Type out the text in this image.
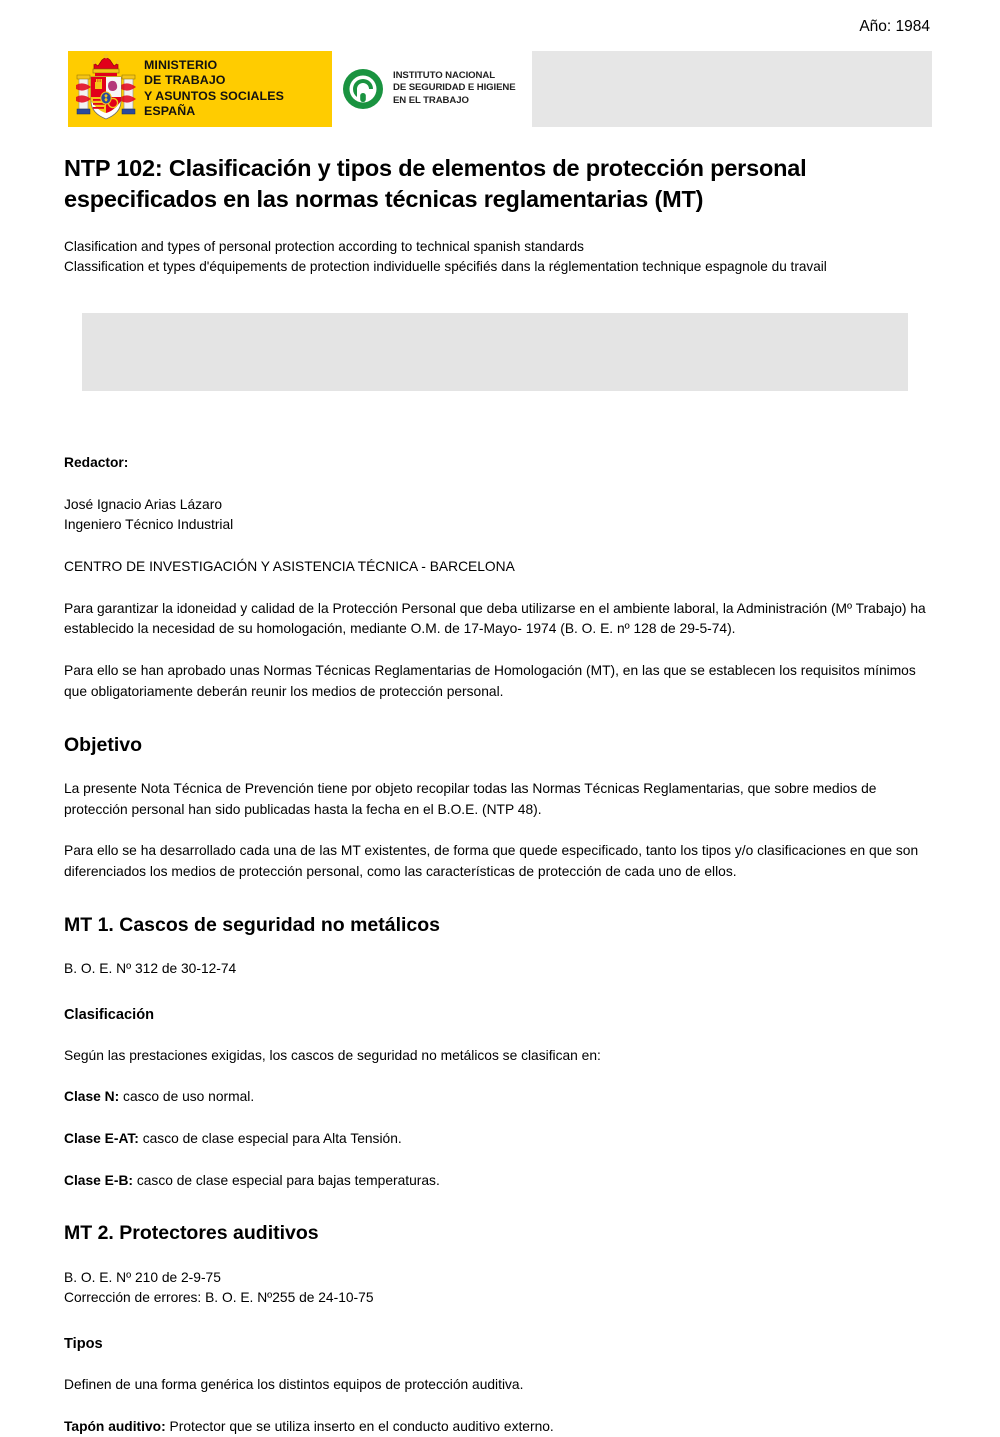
Año: 1984
MINISTERIO
DE TRABAJO
Y ASUNTOS SOCIALES
ESPAÑA
INSTITUTO NACIONAL
DE SEGURIDAD E HIGIENE
EN EL TRABAJO
NTP 102: Clasificación y tipos de elementos de protección personal especificados en las normas técnicas reglamentarias (MT)
Clasification and types of personal protection according to technical spanish standards
Classification et types d'équipements de protection individuelle spécifiés dans la réglementation technique espagnole du travail
Redactor:

José Ignacio Arias Lázaro
Ingeniero Técnico Industrial

CENTRO DE INVESTIGACIÓN Y ASISTENCIA TÉCNICA - BARCELONA

Para garantizar la idoneidad y calidad de la Protección Personal que deba utilizarse en el ambiente laboral, la Administración (Mº Trabajo) ha establecido la necesidad de su homologación, mediante O.M. de 17-Mayo- 1974 (B. O. E. nº 128 de 29-5-74).

Para ello se han aprobado unas Normas Técnicas Reglamentarias de Homologación (MT), en las que se establecen los requisitos mínimos que obligatoriamente deberán reunir los medios de protección personal.

Objetivo

La presente Nota Técnica de Prevención tiene por objeto recopilar todas las Normas Técnicas Reglamentarias, que sobre medios de protección personal han sido publicadas hasta la fecha en el B.O.E. (NTP 48).

Para ello se ha desarrollado cada una de las MT existentes, de forma que quede especificado, tanto los tipos y/o clasificaciones en que son diferenciados los medios de protección personal, como las características de protección de cada uno de ellos.

MT 1. Cascos de seguridad no metálicos

B. O. E. Nº 312 de 30-12-74

Clasificación

Según las prestaciones exigidas, los cascos de seguridad no metálicos se clasifican en:

Clase N: casco de uso normal.

Clase E-AT: casco de clase especial para Alta Tensión.

Clase E-B: casco de clase especial para bajas temperaturas.

MT 2. Protectores auditivos

B. O. E. Nº 210 de 2-9-75
Corrección de errores: B. O. E. Nº255 de 24-10-75

Tipos

Definen de una forma genérica los distintos equipos de protección auditiva.

Tapón auditivo: Protector que se utiliza inserto en el conducto auditivo externo.
